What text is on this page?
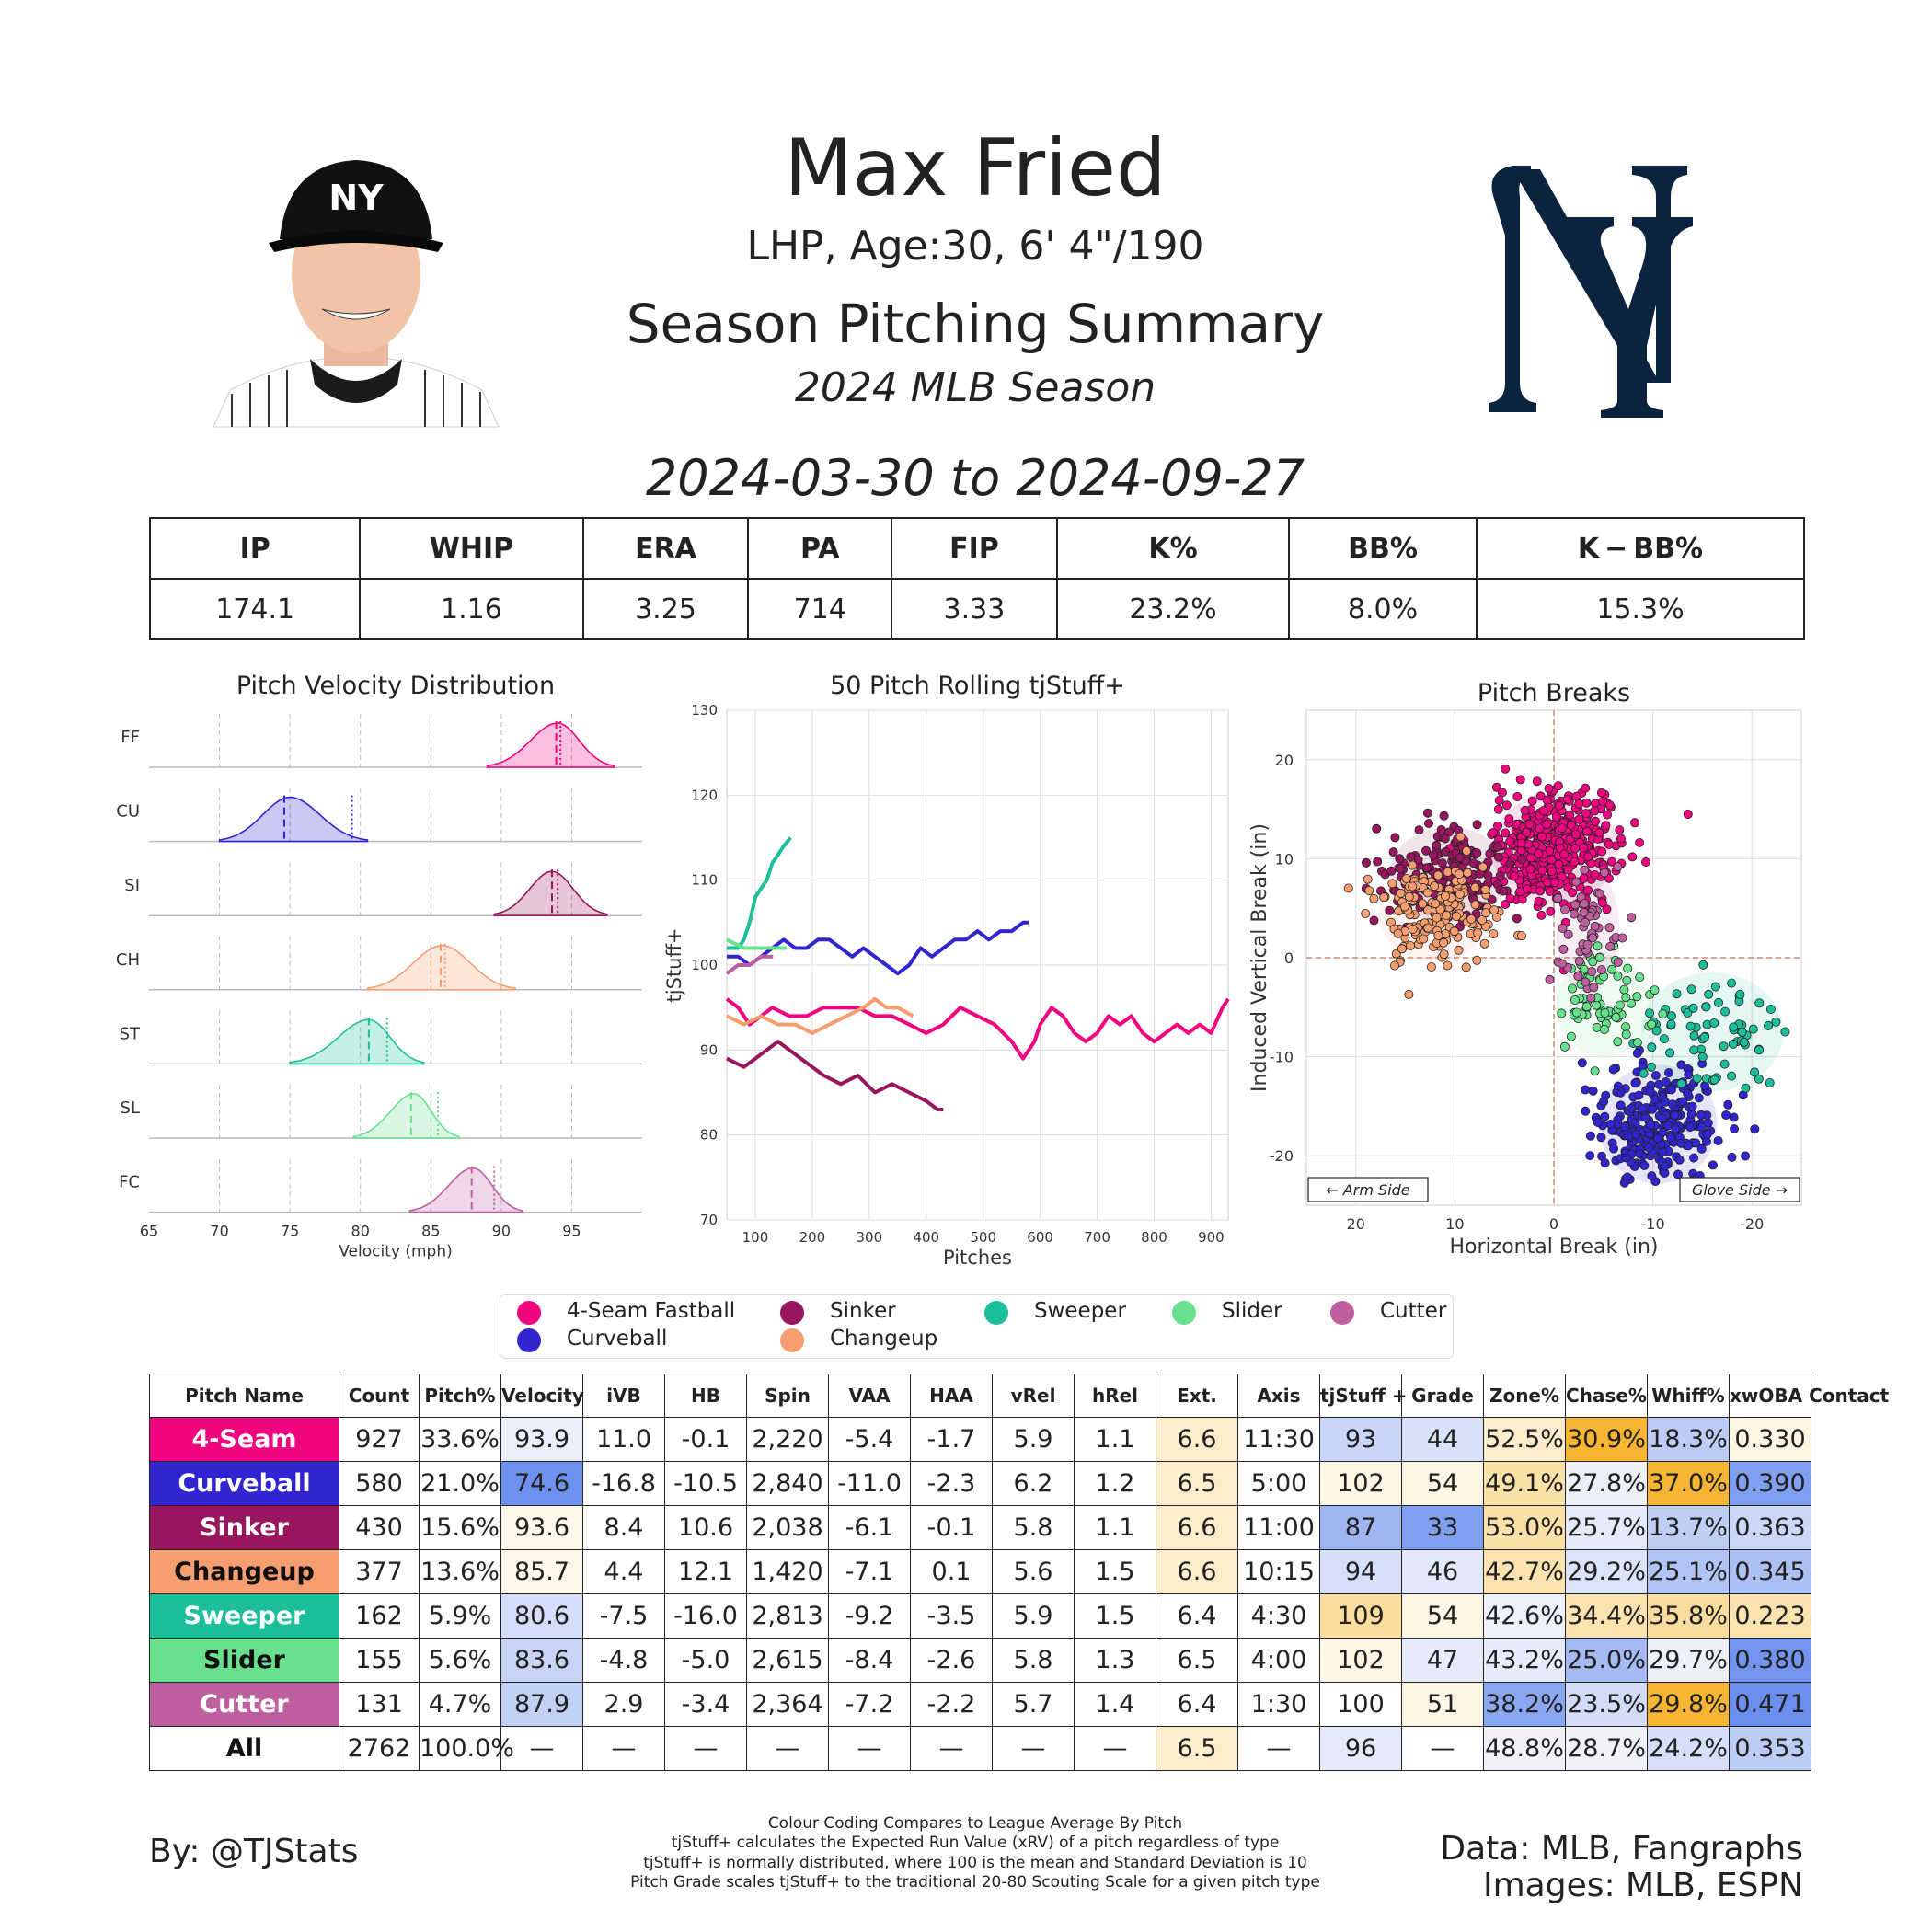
NY	Max Fried
LHP, Age:30, 6' 4"/190
Season Pitching Summary
2024 MLB Season
2024-03-30 to 2024-09-27
IP	WHIP	ERA	PA	FIP	K%	BB%	K − BB%
174.1	1.16	3.25	714	3.33	23.2%	8.0%	15.3%
Pitch Velocity Distribution
FF
CU
SI
CH
ST
SL
FC
65	70	75	80	85	90	95
Velocity (mph)
50 Pitch Rolling tjStuff+
100 200 300 400 500 600 700 800 900
70
80
90
100
110
120
130
Pitches
tjStuff+
Pitch Breaks
20	10	0	-10	-20
20
10
0
-10
-20
← Arm Side	Glove Side →
Horizontal Break (in)
Induced Vertical Break (in)
4-Seam Fastball	Sinker	Sweeper	Slider	Cutter
Curveball	Changeup
Pitch Name	Count	Pitch%	Velocity	iVB	HB	Spin	VAA	HAA	vRel	hRel	Ext.	Axis	tjStuff +	Grade	Zone%	Chase%	Whiff%	xwOBA Contact
4-Seam	927	33.6%	93.9	11.0	-0.1	2,220	-5.4	-1.7	5.9	1.1	6.6	11:30	93	44	52.5%	30.9%	18.3%	0.330
Curveball	580	21.0%	74.6	-16.8	-10.5	2,840	-11.0	-2.3	6.2	1.2	6.5	5:00	102	54	49.1%	27.8%	37.0%	0.390
Sinker	430	15.6%	93.6	8.4	10.6	2,038	-6.1	-0.1	5.8	1.1	6.6	11:00	87	33	53.0%	25.7%	13.7%	0.363
Changeup	377	13.6%	85.7	4.4	12.1	1,420	-7.1	0.1	5.6	1.5	6.6	10:15	94	46	42.7%	29.2%	25.1%	0.345
Sweeper	162	5.9%	80.6	-7.5	-16.0	2,813	-9.2	-3.5	5.9	1.5	6.4	4:30	109	54	42.6%	34.4%	35.8%	0.223
Slider	155	5.6%	83.6	-4.8	-5.0	2,615	-8.4	-2.6	5.8	1.3	6.5	4:00	102	47	43.2%	25.0%	29.7%	0.380
Cutter	131	4.7%	87.9	2.9	-3.4	2,364	-7.2	-2.2	5.7	1.4	6.4	1:30	100	51	38.2%	23.5%	29.8%	0.471
All	2762	100.0%	—	—	—	—	—	—	—	—	6.5	—	96	—	48.8%	28.7%	24.2%	0.353
By: @TJStats
Colour Coding Compares to League Average By Pitch
tjStuff+ calculates the Expected Run Value (xRV) of a pitch regardless of type
tjStuff+ is normally distributed, where 100 is the mean and Standard Deviation is 10
Pitch Grade scales tjStuff+ to the traditional 20-80 Scouting Scale for a given pitch type
Data: MLB, Fangraphs
Images: MLB, ESPN
